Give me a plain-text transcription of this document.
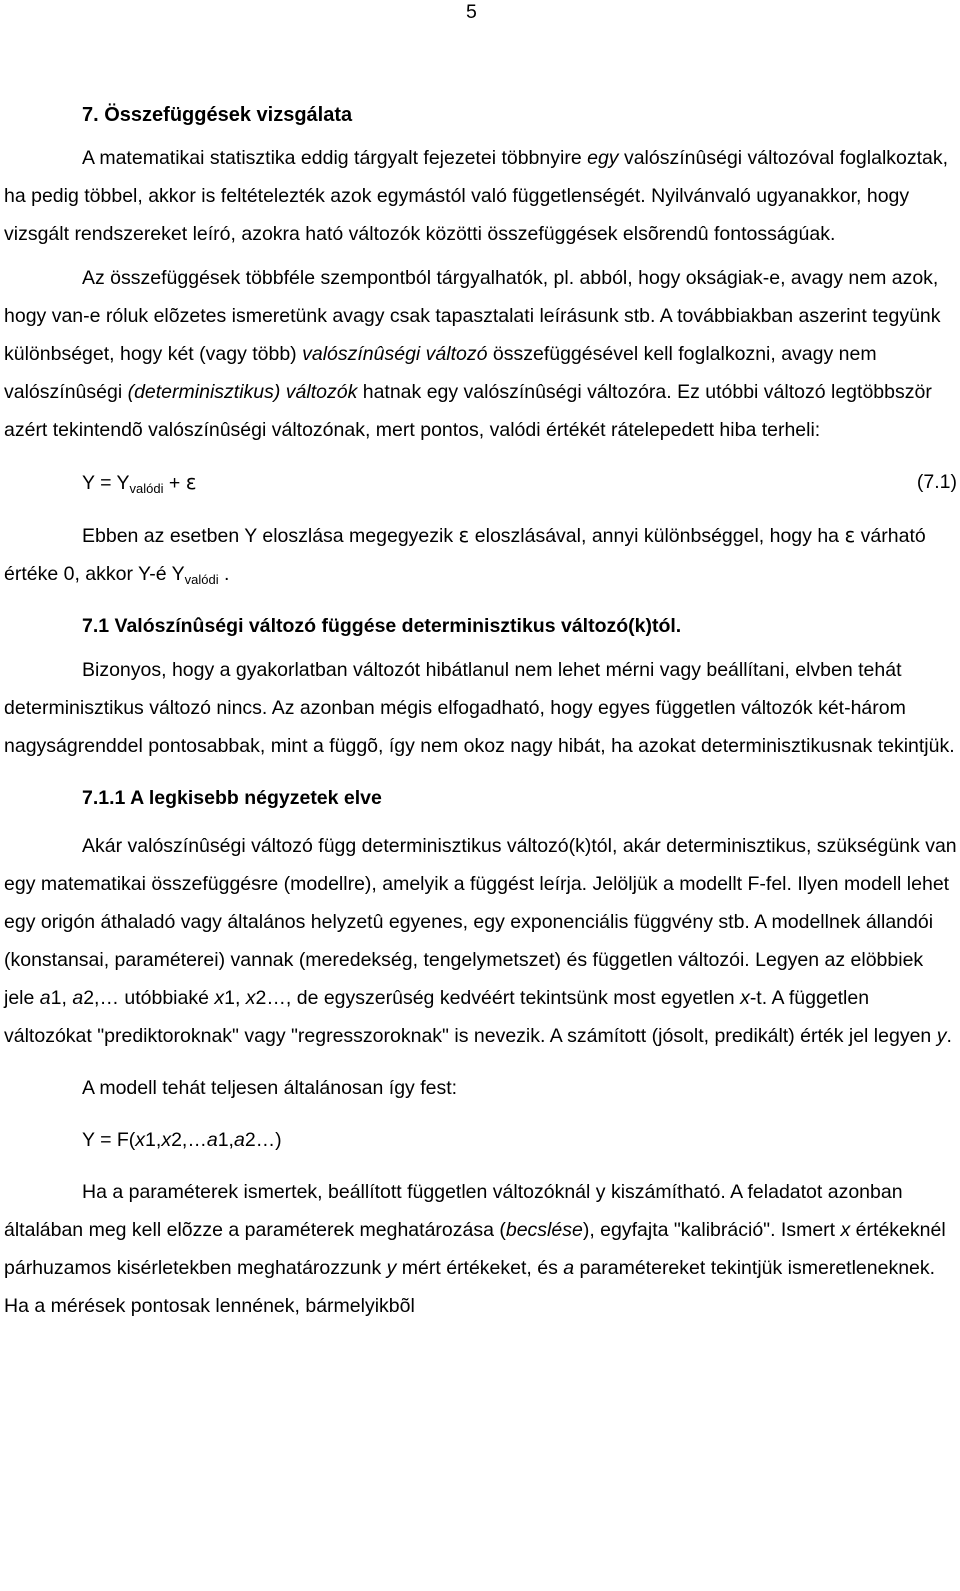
5
7. Összefüggések vizsgálata

A matematikai statisztika eddig tárgyalt fejezetei többnyire egy valószínûségi változóval foglalkoztak, ha pedig többel, akkor is feltételezték azok egymástól való függetlenségét. Nyilvánvaló ugyanakkor, hogy vizsgált rendszereket leíró, azokra ható változók közötti összefüggések elsõrendû fontosságúak.

Az összefüggések többféle szempontból tárgyalhatók, pl. abból, hogy okságiak-e, avagy nem azok, hogy van-e róluk elõzetes ismeretünk avagy csak tapasztalati leírásunk stb. A továbbiakban aszerint tegyünk különbséget, hogy két (vagy több) valószínûségi változó összefüggésével kell foglalkozni, avagy nem valószínûségi (determinisztikus) változók hatnak egy valószínûségi változóra. Ez utóbbi változó legtöbbször azért tekintendõ valószínûségi változónak, mert pontos, valódi értékét rátelepedett hiba terheli:

$Y = Y_{valódi} + \varepsilon$	(7.1)

Ebben az esetben Y eloszlása megegyezik ε eloszlásával, annyi különbséggel, hogy ha ε várható értéke 0, akkor Y-é $Y_{valódi}$ .

7.1 Valószínûségi változó függése determinisztikus változó(k)tól.

Bizonyos, hogy a gyakorlatban változót hibátlanul nem lehet mérni vagy beállítani, elvben tehát determinisztikus változó nincs. Az azonban mégis elfogadható, hogy egyes független változók két-három nagyságrenddel pontosabbak, mint a függõ, így nem okoz nagy hibát, ha azokat determinisztikusnak tekintjük.

7.1.1 A legkisebb négyzetek elve

Akár valószínûségi változó függ determinisztikus változó(k)tól, akár determinisztikus, szükségünk van egy matematikai összefüggésre (modellre), amelyik a függést leírja. Jelöljük a modellt F-fel. Ilyen modell lehet egy origón áthaladó vagy általános helyzetû egyenes, egy exponenciális függvény stb. A modellnek állandói (konstansai, paraméterei) vannak (meredekség, tengelymetszet) és független változói. Legyen az elöbbiek jele a1, a2,… utóbbiaké x1, x2…, de egyszerûség kedvéért tekintsünk most egyetlen x-t. A független változókat "prediktoroknak" vagy "regresszoroknak" is nevezik. A számított (jósolt, predikált) érték jel legyen y.

A modell tehát teljesen általánosan így fest:

Y = F(x1,x2,…a1,a2…)

Ha a paraméterek ismertek, beállított független változóknál y kiszámítható. A feladatot azonban általában meg kell elõzze a paraméterek meghatározása (becslése), egyfajta "kalibráció". Ismert x értékeknél párhuzamos kisérletekben meghatározzunk y mért értékeket, és a paramétereket tekintjük ismeretleneknek. Ha a mérések pontosak lennének, bármelyikbõl
